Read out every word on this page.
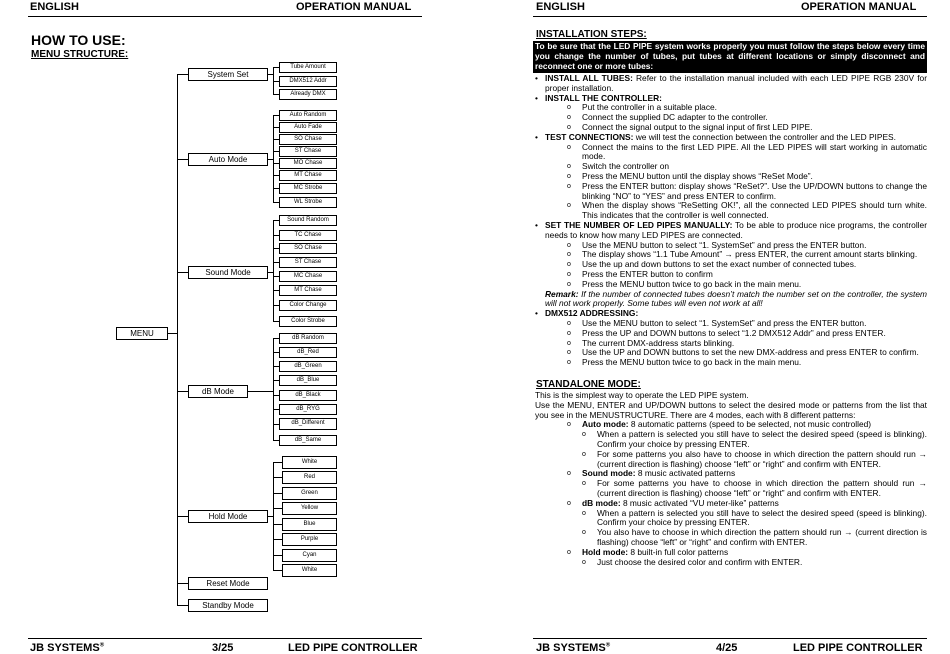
ENGLISH	OPERATION MANUAL
HOW TO USE:
MENU STRUCTURE:
MENU
System Set
Tube Amount
DMX512 Addr
Already DMX
Auto Mode
Auto Random
Auto Fade
SO Chase
ST Chase
MO Chase
MT Chase
MC Strobe
WL Strobe
Sound Mode
Sound Random
TC Chase
SO Chase
ST Chase
MC Chase
MT Chase
Color Change
Color Strobe
dB Mode
dB Random
dB_Red
dB_Green
dB_Blue
dB_Black
dB_RYG
dB_Different
dB_Same
Hold Mode
White
Red
Green
Yellow
Blue
Purple
Cyan
White
Reset Mode
Standby Mode
JB SYSTEMS®	3/25	LED PIPE CONTROLLER
ENGLISH	OPERATION MANUAL
INSTALLATION STEPS:
To be sure that the LED PIPE system works properly you must follow the steps below every time you change the number of tubes, put tubes at different locations or simply disconnect and reconnect one or more tubes:

• INSTALL ALL TUBES: Refer to the installation manual included with each LED PIPE RGB 230V for proper installation.

• INSTALL THE CONTROLLER:

o Put the controller in a suitable place.

o Connect the supplied DC adapter to the controller.

o Connect the signal output to the signal input of first LED PIPE.

• TEST CONNECTIONS: we will test the connection between the controller and the LED PIPES.

o Connect the mains to the first LED PIPE. All the LED PIPES will start working in automatic mode.

o Switch the controller on

o Press the MENU button until the display shows “ReSet Mode”.

o Press the ENTER button: display shows “ReSet?”. Use the UP/DOWN buttons to change the blinking “NO” to “YES” and press ENTER to confirm.

o When the display shows “ReSetting OK!”, all the connected LED PIPES should turn white. This indicates that the controller is well connected.

• SET THE NUMBER OF LED PIPES MANUALLY: To be able to produce nice programs, the controller needs to know how many LED PIPES are connected.

o Use the MENU button to select “1. SystemSet” and press the ENTER button.

o The display shows “1.1 Tube Amount” → press ENTER, the current amount starts blinking.

o Use the up and down buttons to set the exact number of connected tubes.

o Press the ENTER button to confirm

o Press the MENU button twice to go back in the main menu.

Remark: If the number of connected tubes doesn’t match the number set on the controller, the system will not work properly. Some tubes will even not work at all!

• DMX512 ADDRESSING:

o Use the MENU button to select “1. SystemSet” and press the ENTER button.

o Press the UP and DOWN buttons to select “1.2 DMX512 Addr” and press ENTER.

o The current DMX-address starts blinking.

o Use the UP and DOWN buttons to set the new DMX-address and press ENTER to confirm.

o Press the MENU button twice to go back in the main menu.

STANDALONE MODE:

This is the simplest way to operate the LED PIPE system.

Use the MENU, ENTER and UP/DOWN buttons to select the desired mode or patterns from the list that you see in the MENUSTRUCTURE. There are 4 modes, each with 8 different patterns:

o Auto mode: 8 automatic patterns (speed to be selected, not music controlled)

o When a pattern is selected you still have to select the desired speed (speed is blinking). Confirm your choice by pressing ENTER.

o For some patterns you also have to choose in which direction the pattern should run → (current direction is flashing) choose “left” or “right” and confirm with ENTER.

o Sound mode: 8 music activated patterns

o For some patterns you have to choose in which direction the pattern should run → (current direction is flashing) choose “left” or “right” and confirm with ENTER.

o dB mode: 8 music activated “VU meter-like” patterns

o When a pattern is selected you still have to select the desired speed (speed is blinking). Confirm your choice by pressing ENTER.

o You also have to choose in which direction the pattern should run → (current direction is flashing) choose “left” or “right” and confirm with ENTER.

o Hold mode: 8 built-in full color patterns

o Just choose the desired color and confirm with ENTER.

JB SYSTEMS®	4/25	LED PIPE CONTROLLER
